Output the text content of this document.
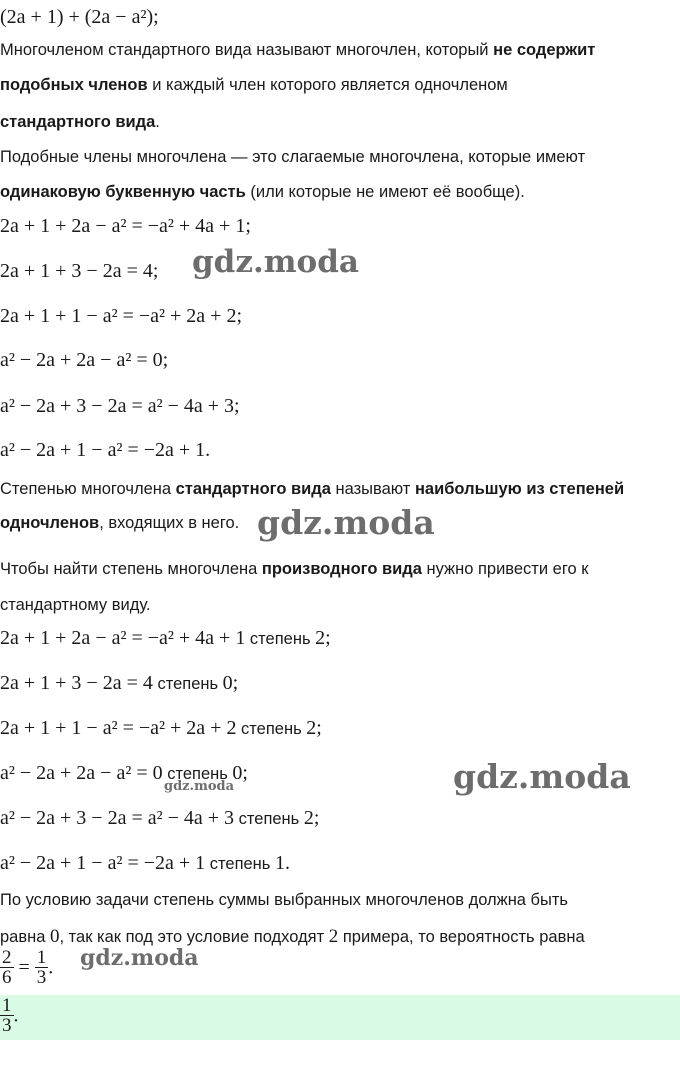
(2a + 1) + (2a − a²);
Многочленом стандартного вида называют многочлен, который не содержит
подобных членов и каждый член которого является одночленом
стандартного вида.
Подобные члены многочлена — это слагаемые многочлена, которые имеют
одинаковую буквенную часть (или которые не имеют её вообще).
2a + 1 + 2a − a² = −a² + 4a + 1;
2a + 1 + 3 − 2a = 4;
2a + 1 + 1 − a² = −a² + 2a + 2;
a² − 2a + 2a − a² = 0;
a² − 2a + 3 − 2a = a² − 4a + 3;
a² − 2a + 1 − a² = −2a + 1.
Степенью многочлена стандартного вида называют наибольшую из степеней
одночленов, входящих в него.
Чтобы найти степень многочлена производного вида нужно привести его к
стандартному виду.
2a + 1 + 2a − a² = −a² + 4a + 1 степень 2;
2a + 1 + 3 − 2a = 4 степень 0;
2a + 1 + 1 − a² = −a² + 2a + 2 степень 2;
a² − 2a + 2a − a² = 0 степень 0;
a² − 2a + 3 − 2a = a² − 4a + 3 степень 2;
a² − 2a + 1 − a² = −2a + 1 степень 1.
По условию задачи степень суммы выбранных многочленов должна быть
равна 0, так как под это условие подходят 2 примера, то вероятность равна
$\frac{2}{6} = \frac{1}{3}$ .
$\frac{1}{3}$ .
gdz.moda
gdz.moda
gdz.moda
gdz.moda
gdz.moda
